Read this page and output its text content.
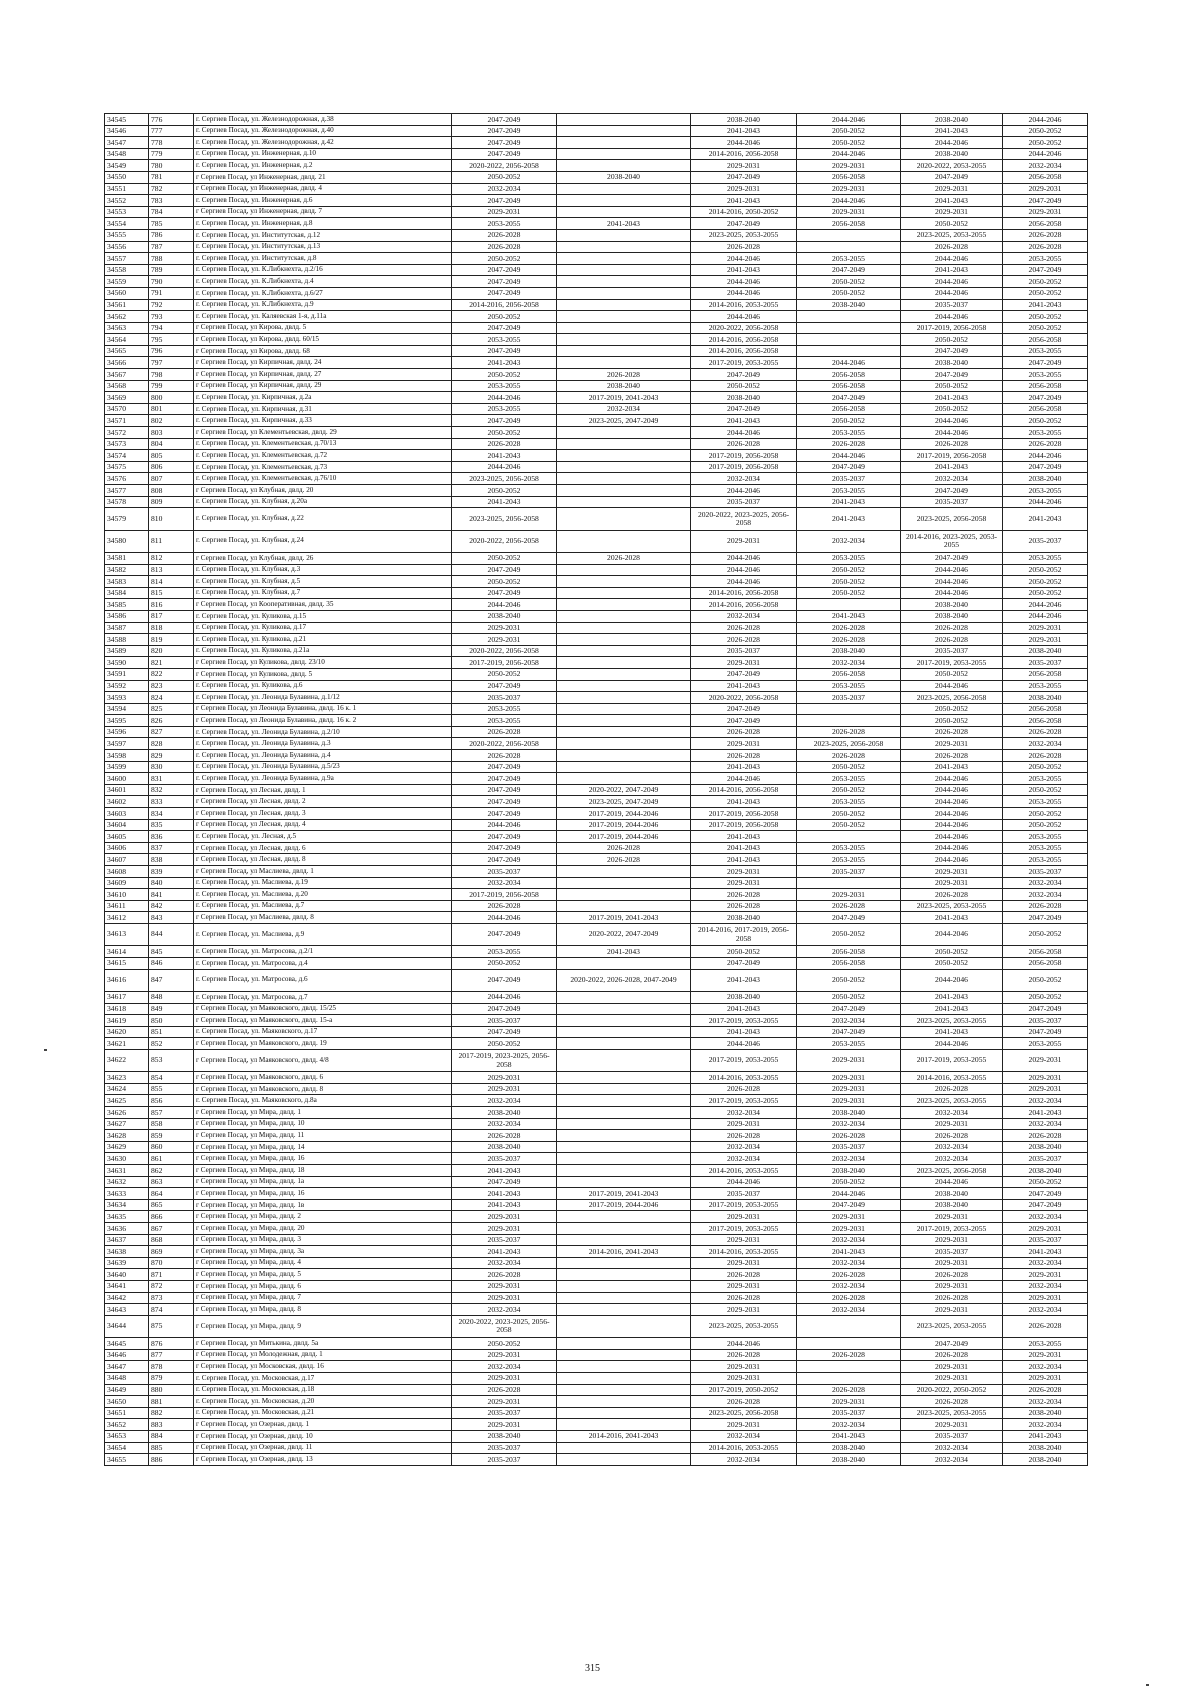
34545	776	г. Сергиев Посад, ул. Железнодорожная, д.38	2047-2049		2038-2040	2044-2046	2038-2040	2044-2046
34546	777	г. Сергиев Посад, ул. Железнодорожная, д.40	2047-2049		2041-2043	2050-2052	2041-2043	2050-2052
34547	778	г. Сергиев Посад, ул. Железнодорожная, д.42	2047-2049		2044-2046	2050-2052	2044-2046	2050-2052
34548	779	г. Сергиев Посад, ул. Инженерная, д.10	2047-2049		2014-2016, 2056-2058	2044-2046	2038-2040	2044-2046
34549	780	г. Сергиев Посад, ул. Инженерная, д.2	2020-2022, 2056-2058		2029-2031	2029-2031	2020-2022, 2053-2055	2032-2034
34550	781	г Сергиев Посад, ул Инженерная, двлд. 21	2050-2052	2038-2040	2047-2049	2056-2058	2047-2049	2056-2058
34551	782	г Сергиев Посад, ул Инженерная, двлд. 4	2032-2034		2029-2031	2029-2031	2029-2031	2029-2031
34552	783	г. Сергиев Посад, ул. Инженерная, д.6	2047-2049		2041-2043	2044-2046	2041-2043	2047-2049
34553	784	г Сергиев Посад, ул Инженерная, двлд. 7	2029-2031		2014-2016, 2050-2052	2029-2031	2029-2031	2029-2031
34554	785	г. Сергиев Посад, ул. Инженерная, д.8	2053-2055	2041-2043	2047-2049	2056-2058	2050-2052	2056-2058
34555	786	г. Сергиев Посад, ул. Институтская, д.12	2026-2028		2023-2025, 2053-2055		2023-2025, 2053-2055	2026-2028
34556	787	г. Сергиев Посад, ул. Институтская, д.13	2026-2028		2026-2028		2026-2028	2026-2028
34557	788	г. Сергиев Посад, ул. Институтская, д.8	2050-2052		2044-2046	2053-2055	2044-2046	2053-2055
34558	789	г. Сергиев Посад, ул. К.Либкнехта, д.2/16	2047-2049		2041-2043	2047-2049	2041-2043	2047-2049
34559	790	г. Сергиев Посад, ул. К.Либкнехта, д.4	2047-2049		2044-2046	2050-2052	2044-2046	2050-2052
34560	791	г. Сергиев Посад, ул. К.Либкнехта, д.6/27	2047-2049		2044-2046	2050-2052	2044-2046	2050-2052
34561	792	г. Сергиев Посад, ул. К.Либкнехта, д.9	2014-2016, 2056-2058		2014-2016, 2053-2055	2038-2040	2035-2037	2041-2043
34562	793	г. Сергиев Посад, ул. Каляевская 1-я, д.11а	2050-2052		2044-2046		2044-2046	2050-2052
34563	794	г Сергиев Посад, ул Кирова, двлд. 5	2047-2049		2020-2022, 2056-2058		2017-2019, 2056-2058	2050-2052
34564	795	г Сергиев Посад, ул Кирова, двлд. 60/15	2053-2055		2014-2016, 2056-2058		2050-2052	2056-2058
34565	796	г Сергиев Посад, ул Кирова, двлд. 68	2047-2049		2014-2016, 2056-2058		2047-2049	2053-2055
34566	797	г Сергиев Посад, ул Кирпичная, двлд. 24	2041-2043		2017-2019, 2053-2055	2044-2046	2038-2040	2047-2049
34567	798	г Сергиев Посад, ул Кирпичная, двлд. 27	2050-2052	2026-2028	2047-2049	2056-2058	2047-2049	2053-2055
34568	799	г Сергиев Посад, ул Кирпичная, двлд. 29	2053-2055	2038-2040	2050-2052	2056-2058	2050-2052	2056-2058
34569	800	г. Сергиев Посад, ул. Кирпичная, д.2а	2044-2046	2017-2019, 2041-2043	2038-2040	2047-2049	2041-2043	2047-2049
34570	801	г. Сергиев Посад, ул. Кирпичная, д.31	2053-2055	2032-2034	2047-2049	2056-2058	2050-2052	2056-2058
34571	802	г. Сергиев Посад, ул. Кирпичная, д.33	2047-2049	2023-2025, 2047-2049	2041-2043	2050-2052	2044-2046	2050-2052
34572	803	г Сергиев Посад, ул Клементьевская, двлд. 29	2050-2052		2044-2046	2053-2055	2044-2046	2053-2055
34573	804	г. Сергиев Посад, ул. Клементьевская, д.70/13	2026-2028		2026-2028	2026-2028	2026-2028	2026-2028
34574	805	г. Сергиев Посад, ул. Клементьевская, д.72	2041-2043		2017-2019, 2056-2058	2044-2046	2017-2019, 2056-2058	2044-2046
34575	806	г. Сергиев Посад, ул. Клементьевская, д.73	2044-2046		2017-2019, 2056-2058	2047-2049	2041-2043	2047-2049
34576	807	г. Сергиев Посад, ул. Клементьевская, д.76/10	2023-2025, 2056-2058		2032-2034	2035-2037	2032-2034	2038-2040
34577	808	г Сергиев Посад, ул Клубная, двлд. 20	2050-2052		2044-2046	2053-2055	2047-2049	2053-2055
34578	809	г. Сергиев Посад, ул. Клубная, д.20а	2041-2043		2035-2037	2041-2043	2035-2037	2044-2046
34579	810	г. Сергиев Посад, ул. Клубная, д.22	2023-2025, 2056-2058		2020-2022, 2023-2025, 2056-2058	2041-2043	2023-2025, 2056-2058	2041-2043
34580	811	г. Сергиев Посад, ул. Клубная, д.24	2020-2022, 2056-2058		2029-2031	2032-2034	2014-2016, 2023-2025, 2053-2055	2035-2037
34581	812	г Сергиев Посад, ул Клубная, двлд. 26	2050-2052	2026-2028	2044-2046	2053-2055	2047-2049	2053-2055
34582	813	г. Сергиев Посад, ул. Клубная, д.3	2047-2049		2044-2046	2050-2052	2044-2046	2050-2052
34583	814	г. Сергиев Посад, ул. Клубная, д.5	2050-2052		2044-2046	2050-2052	2044-2046	2050-2052
34584	815	г. Сергиев Посад, ул. Клубная, д.7	2047-2049		2014-2016, 2056-2058	2050-2052	2044-2046	2050-2052
34585	816	г Сергиев Посад, ул Кооперативная, двлд. 35	2044-2046		2014-2016, 2056-2058		2038-2040	2044-2046
34586	817	г. Сергиев Посад, ул. Куликова, д.15	2038-2040		2032-2034	2041-2043	2038-2040	2044-2046
34587	818	г. Сергиев Посад, ул. Куликова, д.17	2029-2031		2026-2028	2026-2028	2026-2028	2029-2031
34588	819	г. Сергиев Посад, ул. Куликова, д.21	2029-2031		2026-2028	2026-2028	2026-2028	2029-2031
34589	820	г. Сергиев Посад, ул. Куликова, д.21а	2020-2022, 2056-2058		2035-2037	2038-2040	2035-2037	2038-2040
34590	821	г Сергиев Посад, ул Куликова, двлд. 23/10	2017-2019, 2056-2058		2029-2031	2032-2034	2017-2019, 2053-2055	2035-2037
34591	822	г Сергиев Посад, ул Куликова, двлд. 5	2050-2052		2047-2049	2056-2058	2050-2052	2056-2058
34592	823	г. Сергиев Посад, ул. Куликова, д.6	2047-2049		2041-2043	2053-2055	2044-2046	2053-2055
34593	824	г. Сергиев Посад, ул. Леонида Булавина, д.1/12	2035-2037		2020-2022, 2056-2058	2035-2037	2023-2025, 2056-2058	2038-2040
34594	825	г Сергиев Посад, ул Леонида Булавина, двлд. 16 к. 1	2053-2055		2047-2049		2050-2052	2056-2058
34595	826	г Сергиев Посад, ул Леонида Булавина, двлд. 16 к. 2	2053-2055		2047-2049		2050-2052	2056-2058
34596	827	г. Сергиев Посад, ул. Леонида Булавина, д.2/10	2026-2028		2026-2028	2026-2028	2026-2028	2026-2028
34597	828	г. Сергиев Посад, ул. Леонида Булавина, д.3	2020-2022, 2056-2058		2029-2031	2023-2025, 2056-2058	2029-2031	2032-2034
34598	829	г. Сергиев Посад, ул. Леонида Булавина, д.4	2026-2028		2026-2028	2026-2028	2026-2028	2026-2028
34599	830	г. Сергиев Посад, ул. Леонида Булавина, д.5/23	2047-2049		2041-2043	2050-2052	2041-2043	2050-2052
34600	831	г. Сергиев Посад, ул. Леонида Булавина, д.9а	2047-2049		2044-2046	2053-2055	2044-2046	2053-2055
34601	832	г Сергиев Посад, ул Лесная, двлд. 1	2047-2049	2020-2022, 2047-2049	2014-2016, 2056-2058	2050-2052	2044-2046	2050-2052
34602	833	г Сергиев Посад, ул Лесная, двлд. 2	2047-2049	2023-2025, 2047-2049	2041-2043	2053-2055	2044-2046	2053-2055
34603	834	г Сергиев Посад, ул Лесная, двлд. 3	2047-2049	2017-2019, 2044-2046	2017-2019, 2056-2058	2050-2052	2044-2046	2050-2052
34604	835	г Сергиев Посад, ул Лесная, двлд. 4	2044-2046	2017-2019, 2044-2046	2017-2019, 2056-2058	2050-2052	2044-2046	2050-2052
34605	836	г. Сергиев Посад, ул. Лесная, д.5	2047-2049	2017-2019, 2044-2046	2041-2043		2044-2046	2053-2055
34606	837	г Сергиев Посад, ул Лесная, двлд. 6	2047-2049	2026-2028	2041-2043	2053-2055	2044-2046	2053-2055
34607	838	г Сергиев Посад, ул Лесная, двлд. 8	2047-2049	2026-2028	2041-2043	2053-2055	2044-2046	2053-2055
34608	839	г Сергиев Посад, ул Маслиева, двлд. 1	2035-2037		2029-2031	2035-2037	2029-2031	2035-2037
34609	840	г. Сергиев Посад, ул. Маслиева, д.19	2032-2034		2029-2031		2029-2031	2032-2034
34610	841	г. Сергиев Посад, ул. Маслиева, д.20	2017-2019, 2056-2058		2026-2028	2029-2031	2026-2028	2032-2034
34611	842	г. Сергиев Посад, ул. Маслиева, д.7	2026-2028		2026-2028	2026-2028	2023-2025, 2053-2055	2026-2028
34612	843	г Сергиев Посад, ул Маслиева, двлд. 8	2044-2046	2017-2019, 2041-2043	2038-2040	2047-2049	2041-2043	2047-2049
34613	844	г. Сергиев Посад, ул. Маслиева, д.9	2047-2049	2020-2022, 2047-2049	2014-2016, 2017-2019, 2056-2058	2050-2052	2044-2046	2050-2052
34614	845	г. Сергиев Посад, ул. Матросова, д.2/1	2053-2055	2041-2043	2050-2052	2056-2058	2050-2052	2056-2058
34615	846	г. Сергиев Посад, ул. Матросова, д.4	2050-2052		2047-2049	2056-2058	2050-2052	2056-2058
34616	847	г. Сергиев Посад, ул. Матросова, д.6	2047-2049	2020-2022, 2026-2028, 2047-2049	2041-2043	2050-2052	2044-2046	2050-2052
34617	848	г. Сергиев Посад, ул. Матросова, д.7	2044-2046		2038-2040	2050-2052	2041-2043	2050-2052
34618	849	г Сергиев Посад, ул Маяковского, двлд. 15/25	2047-2049		2041-2043	2047-2049	2041-2043	2047-2049
34619	850	г Сергиев Посад, ул Маяковского, двлд. 15-а	2035-2037		2017-2019, 2053-2055	2032-2034	2023-2025, 2053-2055	2035-2037
34620	851	г. Сергиев Посад, ул. Маяковского, д.17	2047-2049		2041-2043	2047-2049	2041-2043	2047-2049
34621	852	г Сергиев Посад, ул Маяковского, двлд. 19	2050-2052		2044-2046	2053-2055	2044-2046	2053-2055
34622	853	г Сергиев Посад, ул Маяковского, двлд. 4/8	2017-2019, 2023-2025, 2056-2058		2017-2019, 2053-2055	2029-2031	2017-2019, 2053-2055	2029-2031
34623	854	г Сергиев Посад, ул Маяковского, двлд. 6	2029-2031		2014-2016, 2053-2055	2029-2031	2014-2016, 2053-2055	2029-2031
34624	855	г Сергиев Посад, ул Маяковского, двлд. 8	2029-2031		2026-2028	2029-2031	2026-2028	2029-2031
34625	856	г. Сергиев Посад, ул. Маяковского, д.8а	2032-2034		2017-2019, 2053-2055	2029-2031	2023-2025, 2053-2055	2032-2034
34626	857	г Сергиев Посад, ул Мира, двлд. 1	2038-2040		2032-2034	2038-2040	2032-2034	2041-2043
34627	858	г Сергиев Посад, ул Мира, двлд. 10	2032-2034		2029-2031	2032-2034	2029-2031	2032-2034
34628	859	г Сергиев Посад, ул Мира, двлд. 11	2026-2028		2026-2028	2026-2028	2026-2028	2026-2028
34629	860	г Сергиев Посад, ул Мира, двлд. 14	2038-2040		2032-2034	2035-2037	2032-2034	2038-2040
34630	861	г Сергиев Посад, ул Мира, двлд. 16	2035-2037		2032-2034	2032-2034	2032-2034	2035-2037
34631	862	г Сергиев Посад, ул Мира, двлд. 18	2041-2043		2014-2016, 2053-2055	2038-2040	2023-2025, 2056-2058	2038-2040
34632	863	г Сергиев Посад, ул Мира, двлд. 1а	2047-2049		2044-2046	2050-2052	2044-2046	2050-2052
34633	864	г Сергиев Посад, ул Мира, двлд. 16	2041-2043	2017-2019, 2041-2043	2035-2037	2044-2046	2038-2040	2047-2049
34634	865	г Сергиев Посад, ул Мира, двлд. 1в	2041-2043	2017-2019, 2044-2046	2017-2019, 2053-2055	2047-2049	2038-2040	2047-2049
34635	866	г Сергиев Посад, ул Мира, двлд. 2	2029-2031		2029-2031	2029-2031	2029-2031	2032-2034
34636	867	г Сергиев Посад, ул Мира, двлд. 20	2029-2031		2017-2019, 2053-2055	2029-2031	2017-2019, 2053-2055	2029-2031
34637	868	г Сергиев Посад, ул Мира, двлд. 3	2035-2037		2029-2031	2032-2034	2029-2031	2035-2037
34638	869	г Сергиев Посад, ул Мира, двлд. 3а	2041-2043	2014-2016, 2041-2043	2014-2016, 2053-2055	2041-2043	2035-2037	2041-2043
34639	870	г Сергиев Посад, ул Мира, двлд. 4	2032-2034		2029-2031	2032-2034	2029-2031	2032-2034
34640	871	г Сергиев Посад, ул Мира, двлд. 5	2026-2028		2026-2028	2026-2028	2026-2028	2029-2031
34641	872	г Сергиев Посад, ул Мира, двлд. 6	2029-2031		2029-2031	2032-2034	2029-2031	2032-2034
34642	873	г Сергиев Посад, ул Мира, двлд. 7	2029-2031		2026-2028	2026-2028	2026-2028	2029-2031
34643	874	г Сергиев Посад, ул Мира, двлд. 8	2032-2034		2029-2031	2032-2034	2029-2031	2032-2034
34644	875	г Сергиев Посад, ул Мира, двлд. 9	2020-2022, 2023-2025, 2056-2058		2023-2025, 2053-2055		2023-2025, 2053-2055	2026-2028
34645	876	г Сергиев Посад, ул Митькина, двлд. 5а	2050-2052		2044-2046		2047-2049	2053-2055
34646	877	г Сергиев Посад, ул Молодежная, двлд. 1	2029-2031		2026-2028	2026-2028	2026-2028	2029-2031
34647	878	г Сергиев Посад, ул Московская, двлд. 16	2032-2034		2029-2031		2029-2031	2032-2034
34648	879	г. Сергиев Посад, ул. Московская, д.17	2029-2031		2029-2031		2029-2031	2029-2031
34649	880	г. Сергиев Посад, ул. Московская, д.18	2026-2028		2017-2019, 2050-2052	2026-2028	2020-2022, 2050-2052	2026-2028
34650	881	г. Сергиев Посад, ул. Московская, д.20	2029-2031		2026-2028	2029-2031	2026-2028	2032-2034
34651	882	г. Сергиев Посад, ул. Московская, д.21	2035-2037		2023-2025, 2056-2058	2035-2037	2023-2025, 2053-2055	2038-2040
34652	883	г Сергиев Посад, ул Озерная, двлд. 1	2029-2031		2029-2031	2032-2034	2029-2031	2032-2034
34653	884	г Сергиев Посад, ул Озерная, двлд. 10	2038-2040	2014-2016, 2041-2043	2032-2034	2041-2043	2035-2037	2041-2043
34654	885	г Сергиев Посад, ул Озерная, двлд. 11	2035-2037		2014-2016, 2053-2055	2038-2040	2032-2034	2038-2040
34655	886	г Сергиев Посад, ул Озерная, двлд. 13	2035-2037		2032-2034	2038-2040	2032-2034	2038-2040
315
